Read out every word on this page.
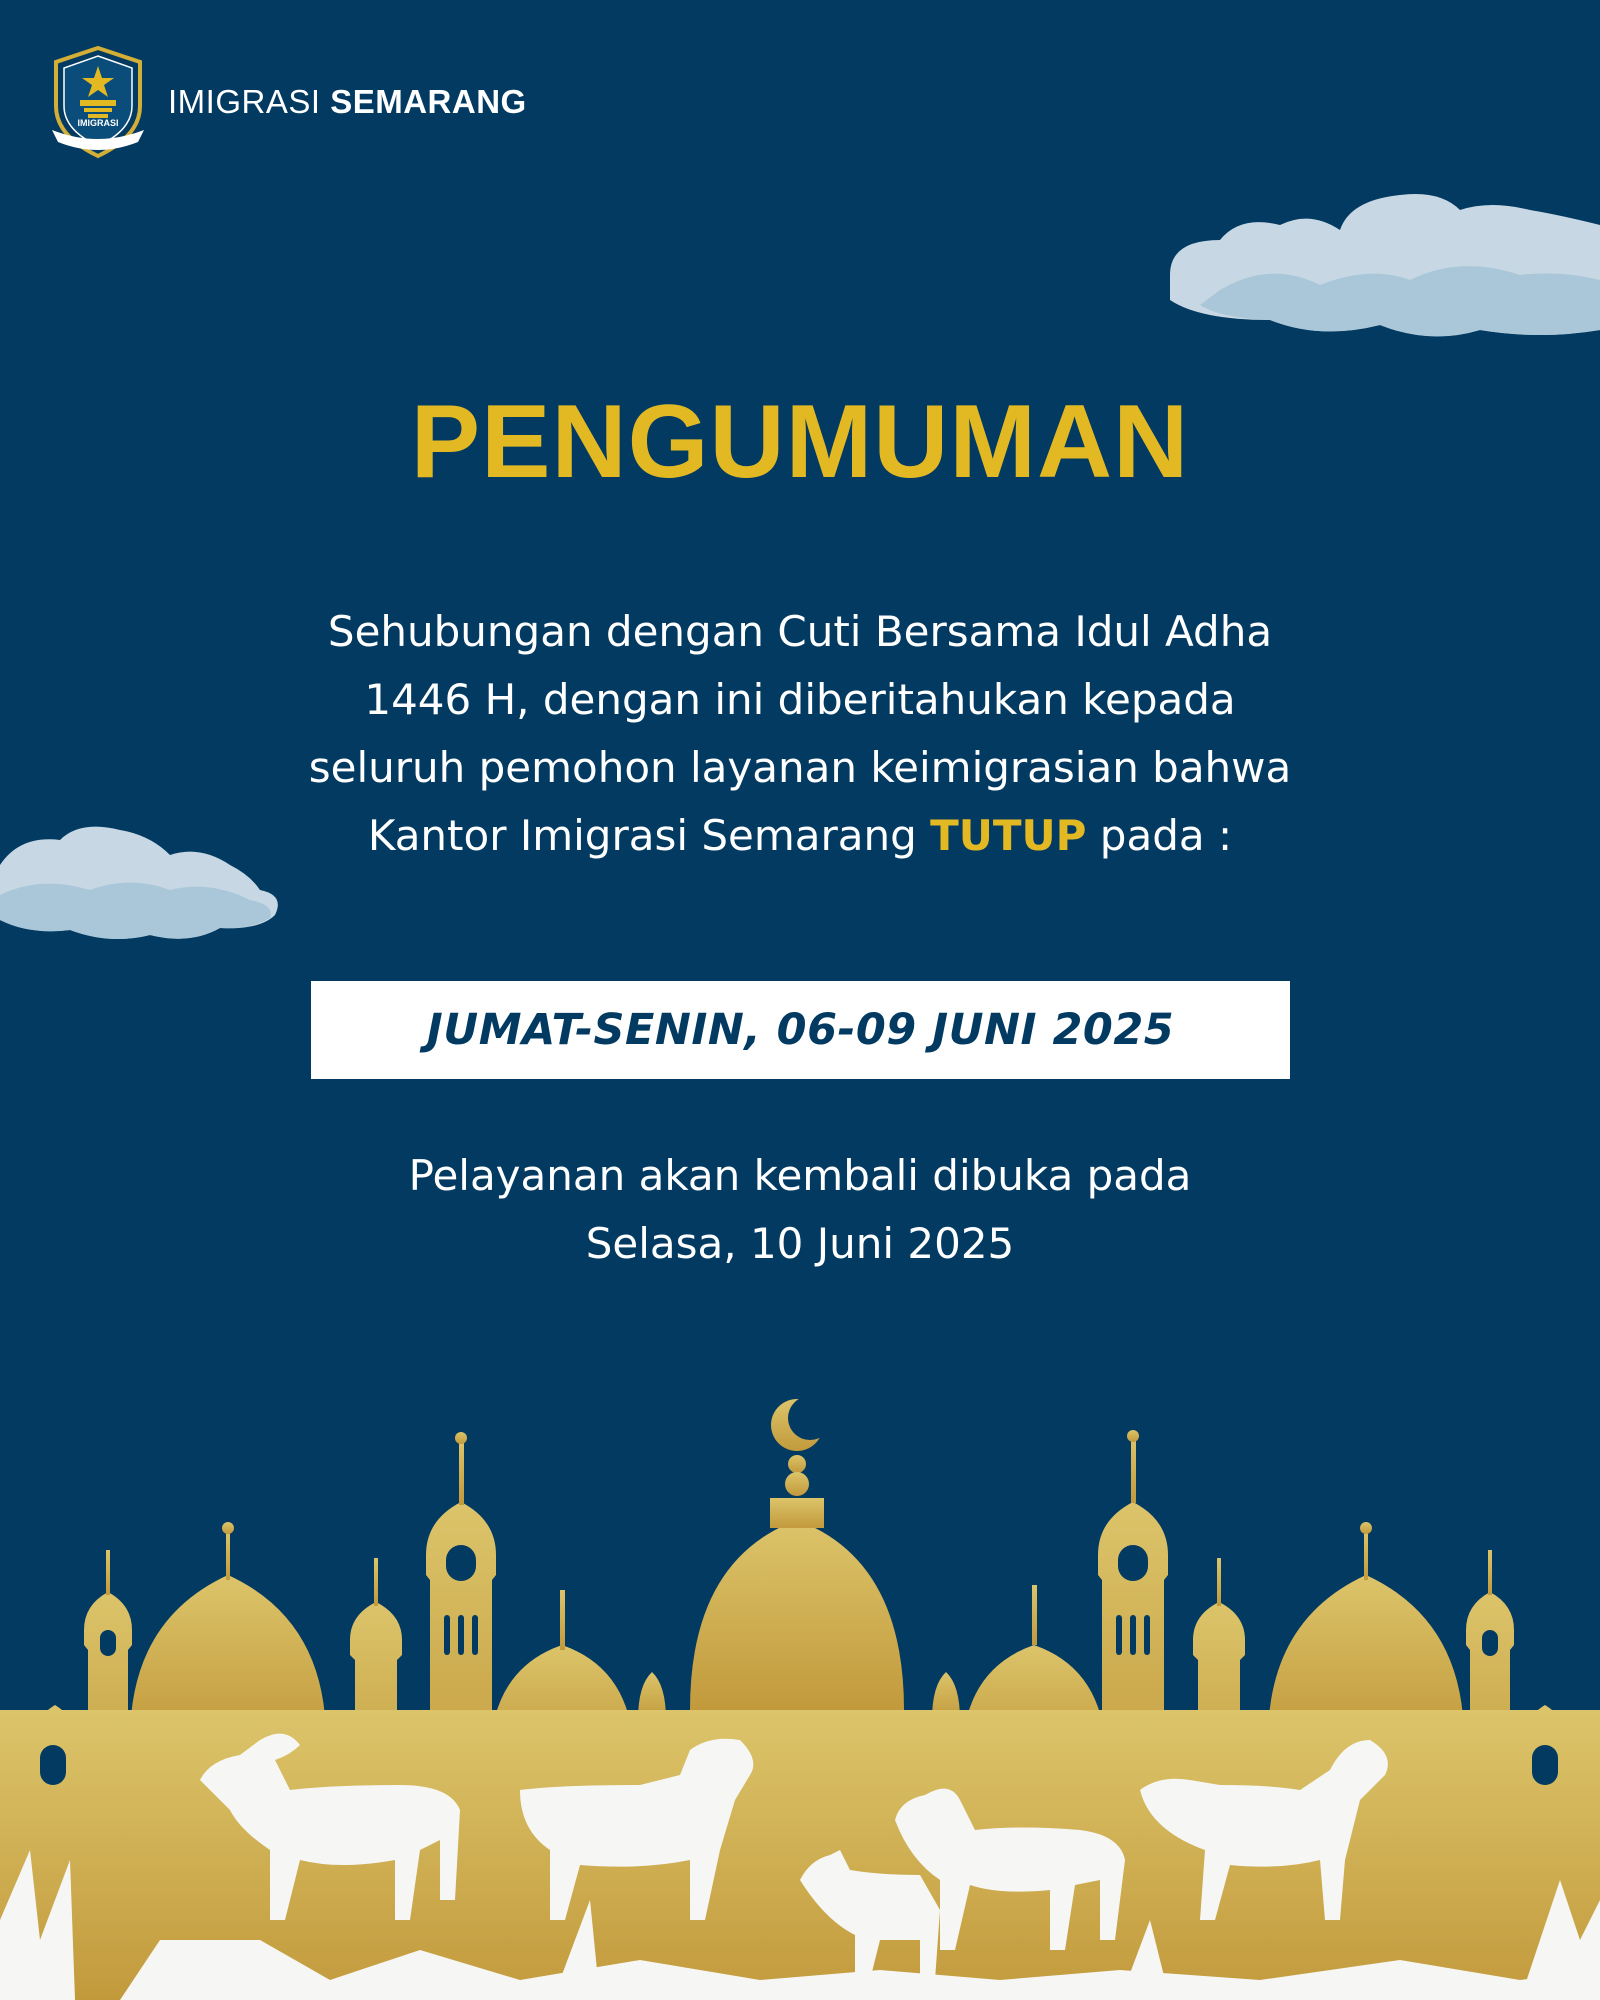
IMIGRASI
IMIGRASI SEMARANG
PENGUMUMAN
Sehubungan dengan Cuti Bersama Idul Adha
1446 H, dengan ini diberitahukan kepada
seluruh pemohon layanan keimigrasian bahwa
Kantor Imigrasi Semarang TUTUP pada :
JUMAT-SENIN, 06-09 JUNI 2025
Pelayanan akan kembali dibuka pada
Selasa, 10 Juni 2025
